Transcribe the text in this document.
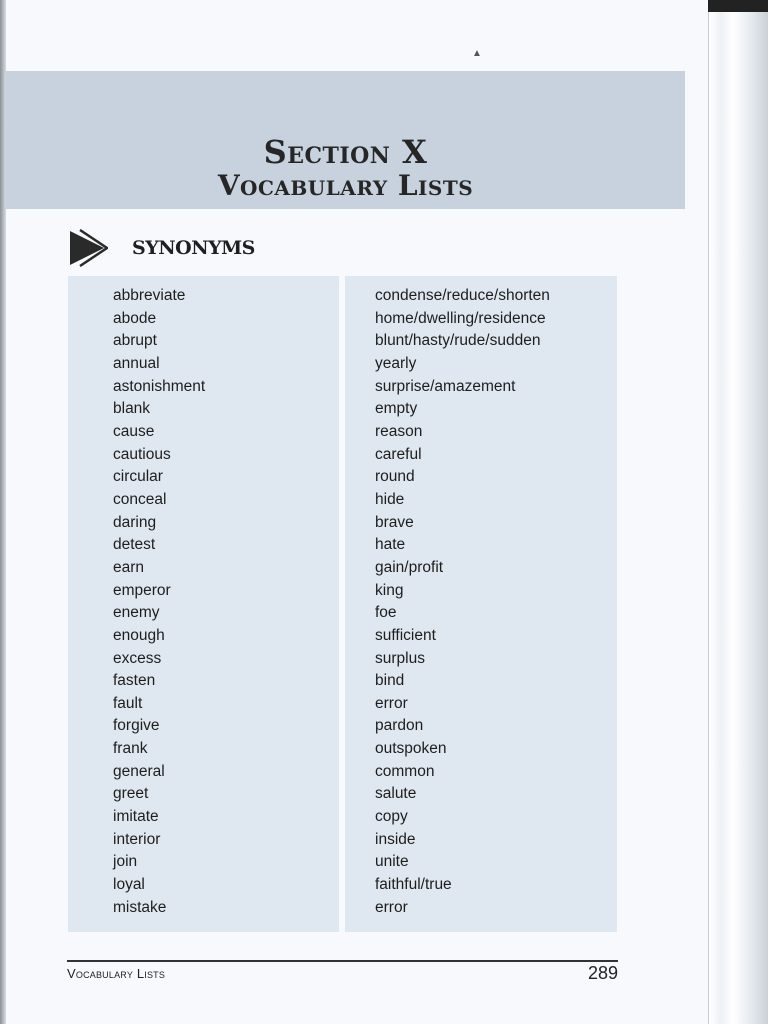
▲
Section X
Vocabulary Lists
SYNONYMS
abbreviate
abode
abrupt
annual
astonishment
blank
cause
cautious
circular
conceal
daring
detest
earn
emperor
enemy
enough
excess
fasten
fault
forgive
frank
general
greet
imitate
interior
join
loyal
mistake
condense/reduce/shorten
home/dwelling/residence
blunt/hasty/rude/sudden
yearly
surprise/amazement
empty
reason
careful
round
hide
brave
hate
gain/profit
king
foe
sufficient
surplus
bind
error
pardon
outspoken
common
salute
copy
inside
unite
faithful/true
error
Vocabulary Lists	289
